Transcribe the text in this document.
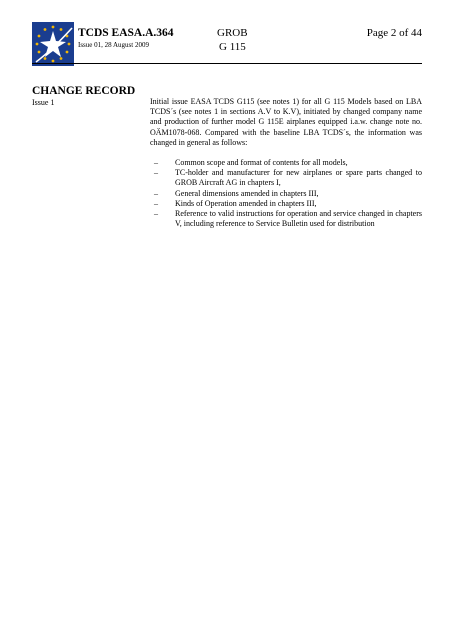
TCDS EASA.A.364
Issue 01, 28 August 2009
GROB
G 115
Page 2 of 44
CHANGE RECORD
Issue 1	Initial issue EASA TCDS G115 (see notes 1) for all G 115 Models based on LBA TCDS´s (see notes 1 in sections A.V to K.V), initiated by changed company name and production of further model G 115E airplanes equipped i.a.w. change note no. OÄM1078-068. Compared with the baseline LBA TCDS´s, the information was changed in general as follows:

– Common scope and format of contents for all models,
– TC-holder and manufacturer for new airplanes or spare parts changed to GROB Aircraft AG in chapters I,
– General dimensions amended in chapters III,
– Kinds of Operation amended in chapters III,
– Reference to valid instructions for operation and service changed in chapters V, including reference to Service Bulletin used for distribution
